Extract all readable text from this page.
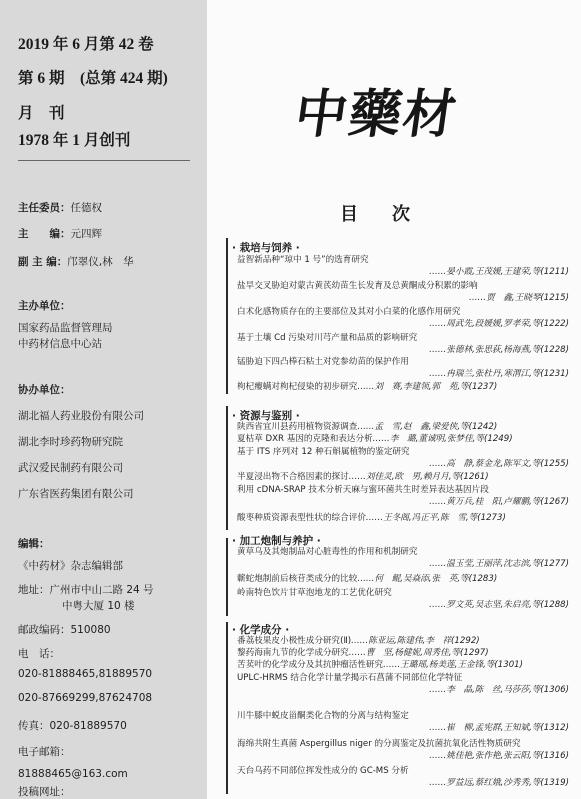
2019 年 6 月第 42 卷
第 6 期　(总第 424 期)
月　刊
1978 年 1 月创刊
主任委员：任德权
主　　编：元四辉
副 主 编：邝翠仪,林　华
主办单位：
国家药品监督管理局
中药材信息中心站
协办单位：
湖北福人药业股份有限公司
湖北李时珍药物研究院
武汉爱民制药有限公司
广东省医药集团有限公司
编辑：
《中药材》杂志编辑部
地址：广州市中山二路 24 号
中粤大厦 10 楼
邮政编码：510080
电　话：
020-81888465,81889570
020-87669299,87624708
传真：020-81889570
电子邮箱：
81888465@163.com
投稿网址：
中藥材
目次
· 栽培与饲养 ·
益智新品种“琼中 1 号”的选育研究
……晏小霞,王茂媛,王建荣,等(1211)
盐旱交叉胁迫对蒙古黄芪幼苗生长发育及总黄酮成分积累的影响
……贾　鑫,王晓琴(1215)
白术化感物质存在的主要部位及其对小白菜的化感作用研究
……周武先,段媛媛,罗孝荣,等(1222)
基于土壤 Cd 污染对川芎产量和品质的影响研究
……张德林,张思荻,杨海燕,等(1228)
锰胁迫下四凸棒石粘土对党参幼苗的保护作用
……冉瑞兰,张杜丹,寒渭江,等(1231)
枸杞瘿螨对枸杞侵染的初步研究……刘　赛,李建领,郭　苑,等(1237)
· 资源与鉴别 ·
陕西省宜川县药用植物资源调查……孟　雪,赵　鑫,梁爱侠,等(1242)
夏枯草 DXR 基因的克隆和表达分析……李　璐,董诚明,张梦佳,等(1249)
基于 ITS 序列对 12 种石斛属植物的鉴定研究
……高　静,蔡金龙,陈军文,等(1255)
半夏浸出物不合格因素的探讨……刘佳灵,欧　男,赖月月,等(1261)
利用 cDNA-SRAP 技术分析天麻与蜜环菌共生时差异表达基因片段
……黄万兵,桂　阳,卢耀鹏,等(1267)
酸枣种质资源表型性状的综合评价……王冬阁,冯正平,陈　雪,等(1273)
· 加工炮制与养护 ·
黄草乌及其炮制品对心脏毒性的作用和机制研究
……温玉莹,王丽萍,沈志滨,等(1277)
蘄蛇炮制前后核苷类成分的比较……何　鲲,吴焱添,张　英,等(1283)
岭南特色饮片甘草泡地龙的工艺优化研究
……罗文英,吴志坚,朱启亮,等(1288)
· 化学成分 ·
番荔枝果皮小极性成分研究(Ⅱ)……陈亚运,陈建伟,李　祥(1292)
黎药海南九节的化学成分研究……曹　坚,杨健妮,周秀佳,等(1297)
苦荬叶的化学成分及其抗肿瘤活性研究……王璐瑶,杨美莲,王金锋,等(1301)
UPLC-HRMS 结合化学计量学揭示石菖蒲不同部位化学特征
……李　晶,陈　丝,马莎莎,等(1306)
川牛膝中蜕皮甾酮类化合物的分离与结构鉴定
……崔　柳,孟宪群,王知斌,等(1312)
海绵共附生真菌 Aspergillus niger 的分离鉴定及抗菌抗氧化活性物质研究
……姚佳艳,张作艳,张云阳,等(1316)
天台乌药不同部位挥发性成分的 GC-MS 分析
……罗益远,蔡红娥,沙秀秀,等(1319)
